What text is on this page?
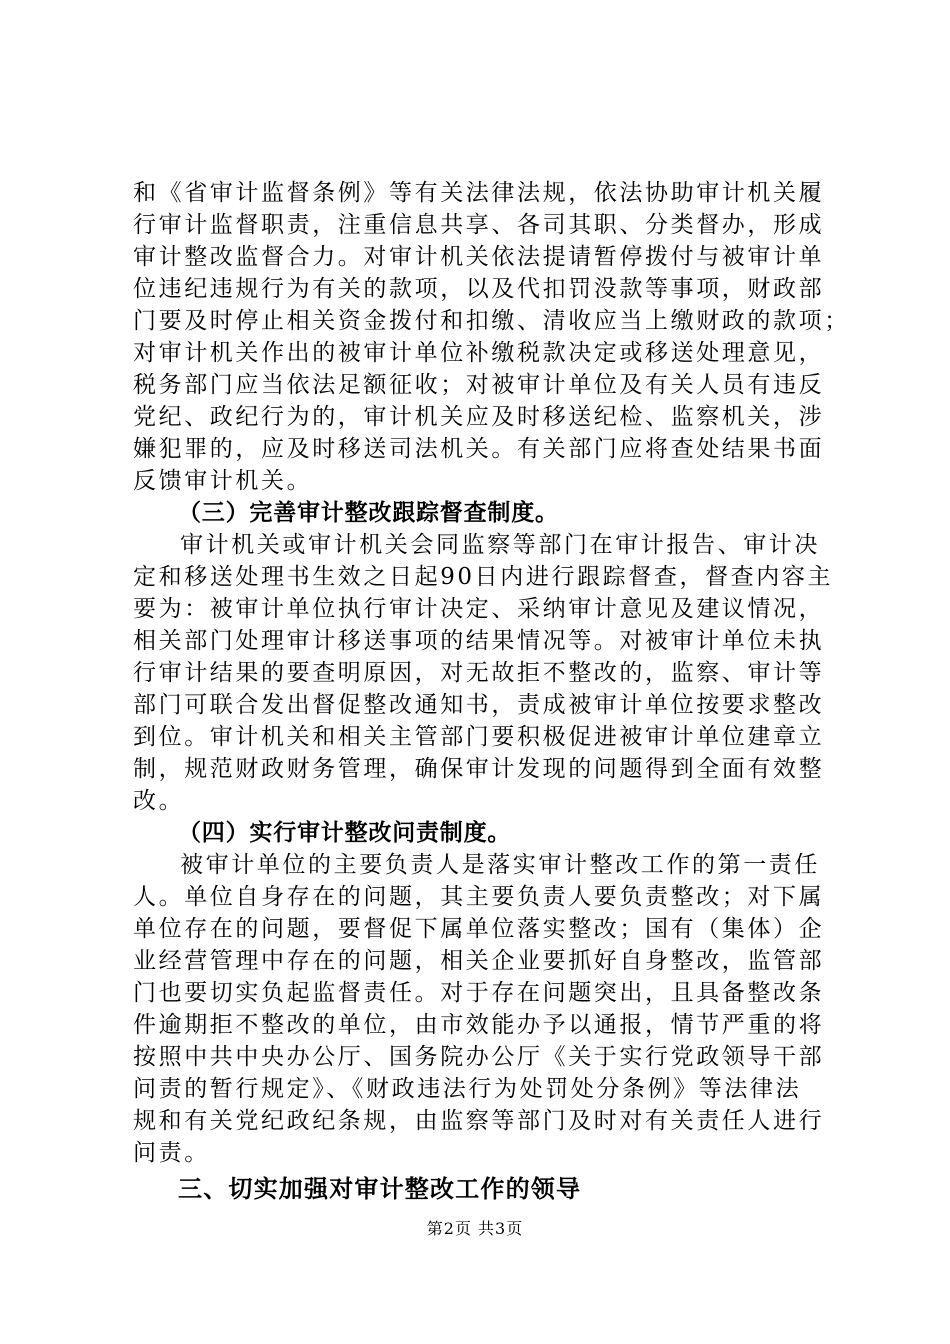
和《省审计监督条例》等有关法律法规，依法协助审计机关履
行审计监督职责，注重信息共享、各司其职、分类督办，形成
审计整改监督合力。对审计机关依法提请暂停拨付与被审计单
位违纪违规行为有关的款项，以及代扣罚没款等事项，财政部
门要及时停止相关资金拨付和扣缴、清收应当上缴财政的款项；
对审计机关作出的被审计单位补缴税款决定或移送处理意见，
税务部门应当依法足额征收；对被审计单位及有关人员有违反
党纪、政纪行为的，审计机关应及时移送纪检、监察机关，涉
嫌犯罪的，应及时移送司法机关。有关部门应将查处结果书面
反馈审计机关。
（三）完善审计整改跟踪督查制度。
审计机关或审计机关会同监察等部门在审计报告、审计决
定和移送处理书生效之日起90日内进行跟踪督查，督查内容主
要为：被审计单位执行审计决定、采纳审计意见及建议情况，
相关部门处理审计移送事项的结果情况等。对被审计单位未执
行审计结果的要查明原因，对无故拒不整改的，监察、审计等
部门可联合发出督促整改通知书，责成被审计单位按要求整改
到位。审计机关和相关主管部门要积极促进被审计单位建章立
制，规范财政财务管理，确保审计发现的问题得到全面有效整
改。
（四）实行审计整改问责制度。
被审计单位的主要负责人是落实审计整改工作的第一责任
人。单位自身存在的问题，其主要负责人要负责整改；对下属
单位存在的问题，要督促下属单位落实整改；国有（集体）企
业经营管理中存在的问题，相关企业要抓好自身整改，监管部
门也要切实负起监督责任。对于存在问题突出，且具备整改条
件逾期拒不整改的单位，由市效能办予以通报，情节严重的将
按照中共中央办公厅、国务院办公厅《关于实行党政领导干部
问责的暂行规定》、《财政违法行为处罚处分条例》等法律法
规和有关党纪政纪条规，由监察等部门及时对有关责任人进行
问责。
三、切实加强对审计整改工作的领导
第2页 共3页
